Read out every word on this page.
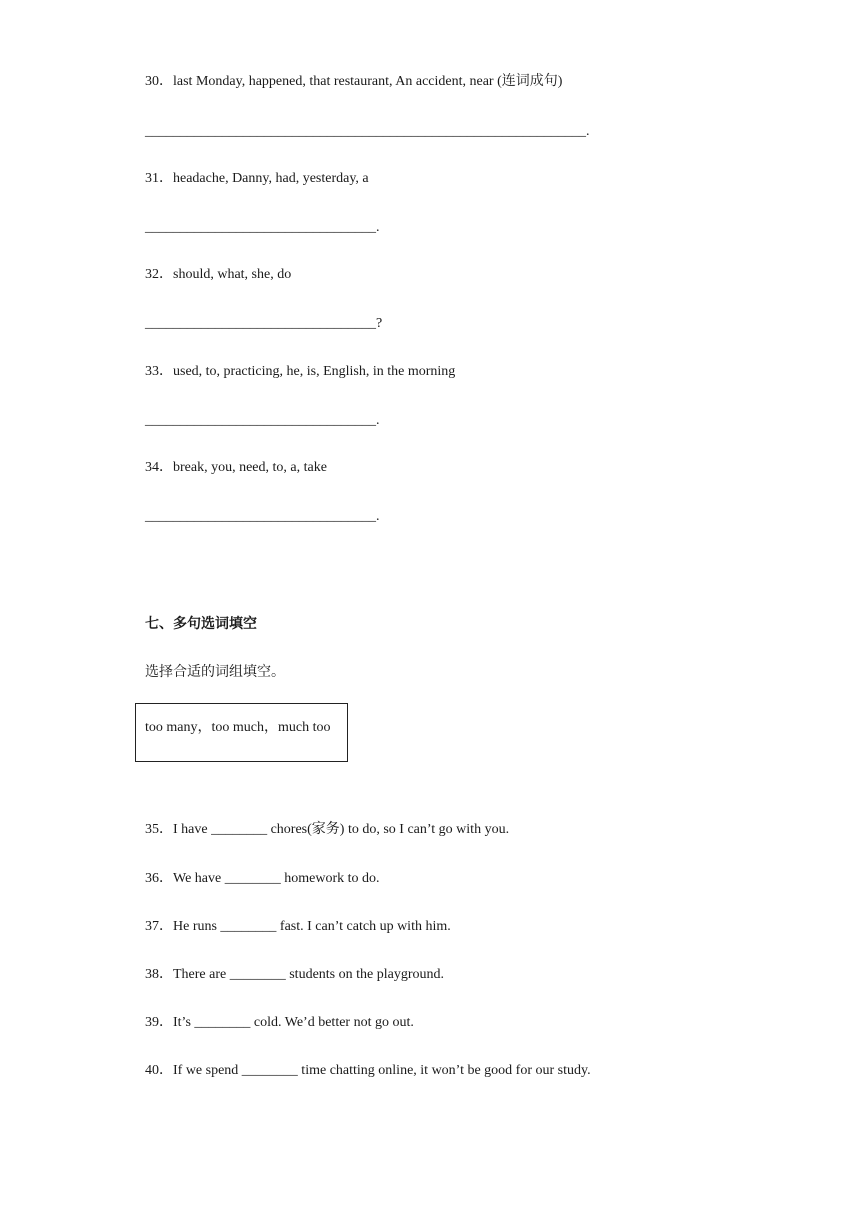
30．last Monday, happened, that restaurant, An accident, near (连词成句)
_______________________________________________________________.
31．headache, Danny, had, yesterday, a
_________________________________.
32．should, what, she, do
_________________________________?
33．used, to, practicing, he, is, English, in the morning
_________________________________.
34．break, you, need, to, a, take
_________________________________.
七、多句选词填空
选择合适的词组填空。
too many，too much，much too
35．I have ________ chores(家务) to do, so I can’t go with you.
36．We have ________ homework to do.
37．He runs ________ fast. I can’t catch up with him.
38．There are ________ students on the playground.
39．It’s ________ cold. We’d better not go out.
40．If we spend ________ time chatting online, it won’t be good for our study.
